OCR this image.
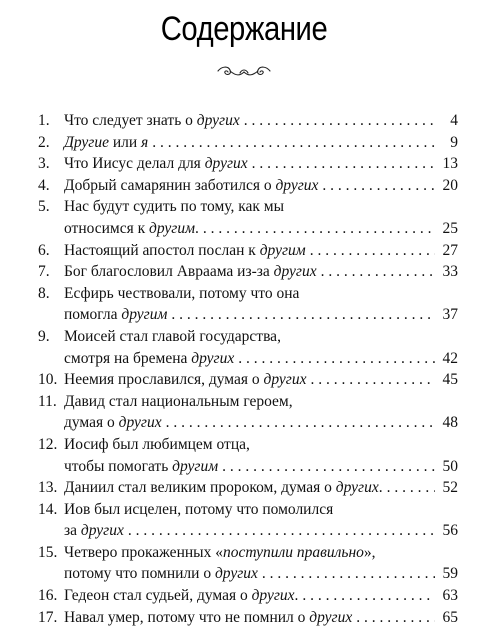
Содержание
1. Что следует знать о других . . .	4
2. Другие или я . . .	9
3. Что Иисус делал для других . . .	13
4. Добрый самарянин заботился о других . . .	20
5. Нас будут судить по тому, как мы
относимся к другим. . . .	25
6. Настоящий апостол послан к другим . . .	27
7. Бог благословил Авраама из-за других . . .	33
8. Есфирь чествовали, потому что она
помогла другим . . .	37
9. Моисей стал главой государства,
смотря на бремена других . . .	42
10. Неемия прославился, думая о других . . .	45
11. Давид стал национальным героем,
думая о других . . .	48
12. Иосиф был любимцем отца,
чтобы помогать другим . . .	50
13. Даниил стал великим пророком, думая о других. . . .	52
14. Иов был исцелен, потому что помолился
за других . . .	56
15. Четверо прокаженных «поступили правильно»,
потому что помнили о других . . .	59
16. Гедеон стал судьей, думая о других. . . .	63
17. Навал умер, потому что не помнил о других . . .	65
